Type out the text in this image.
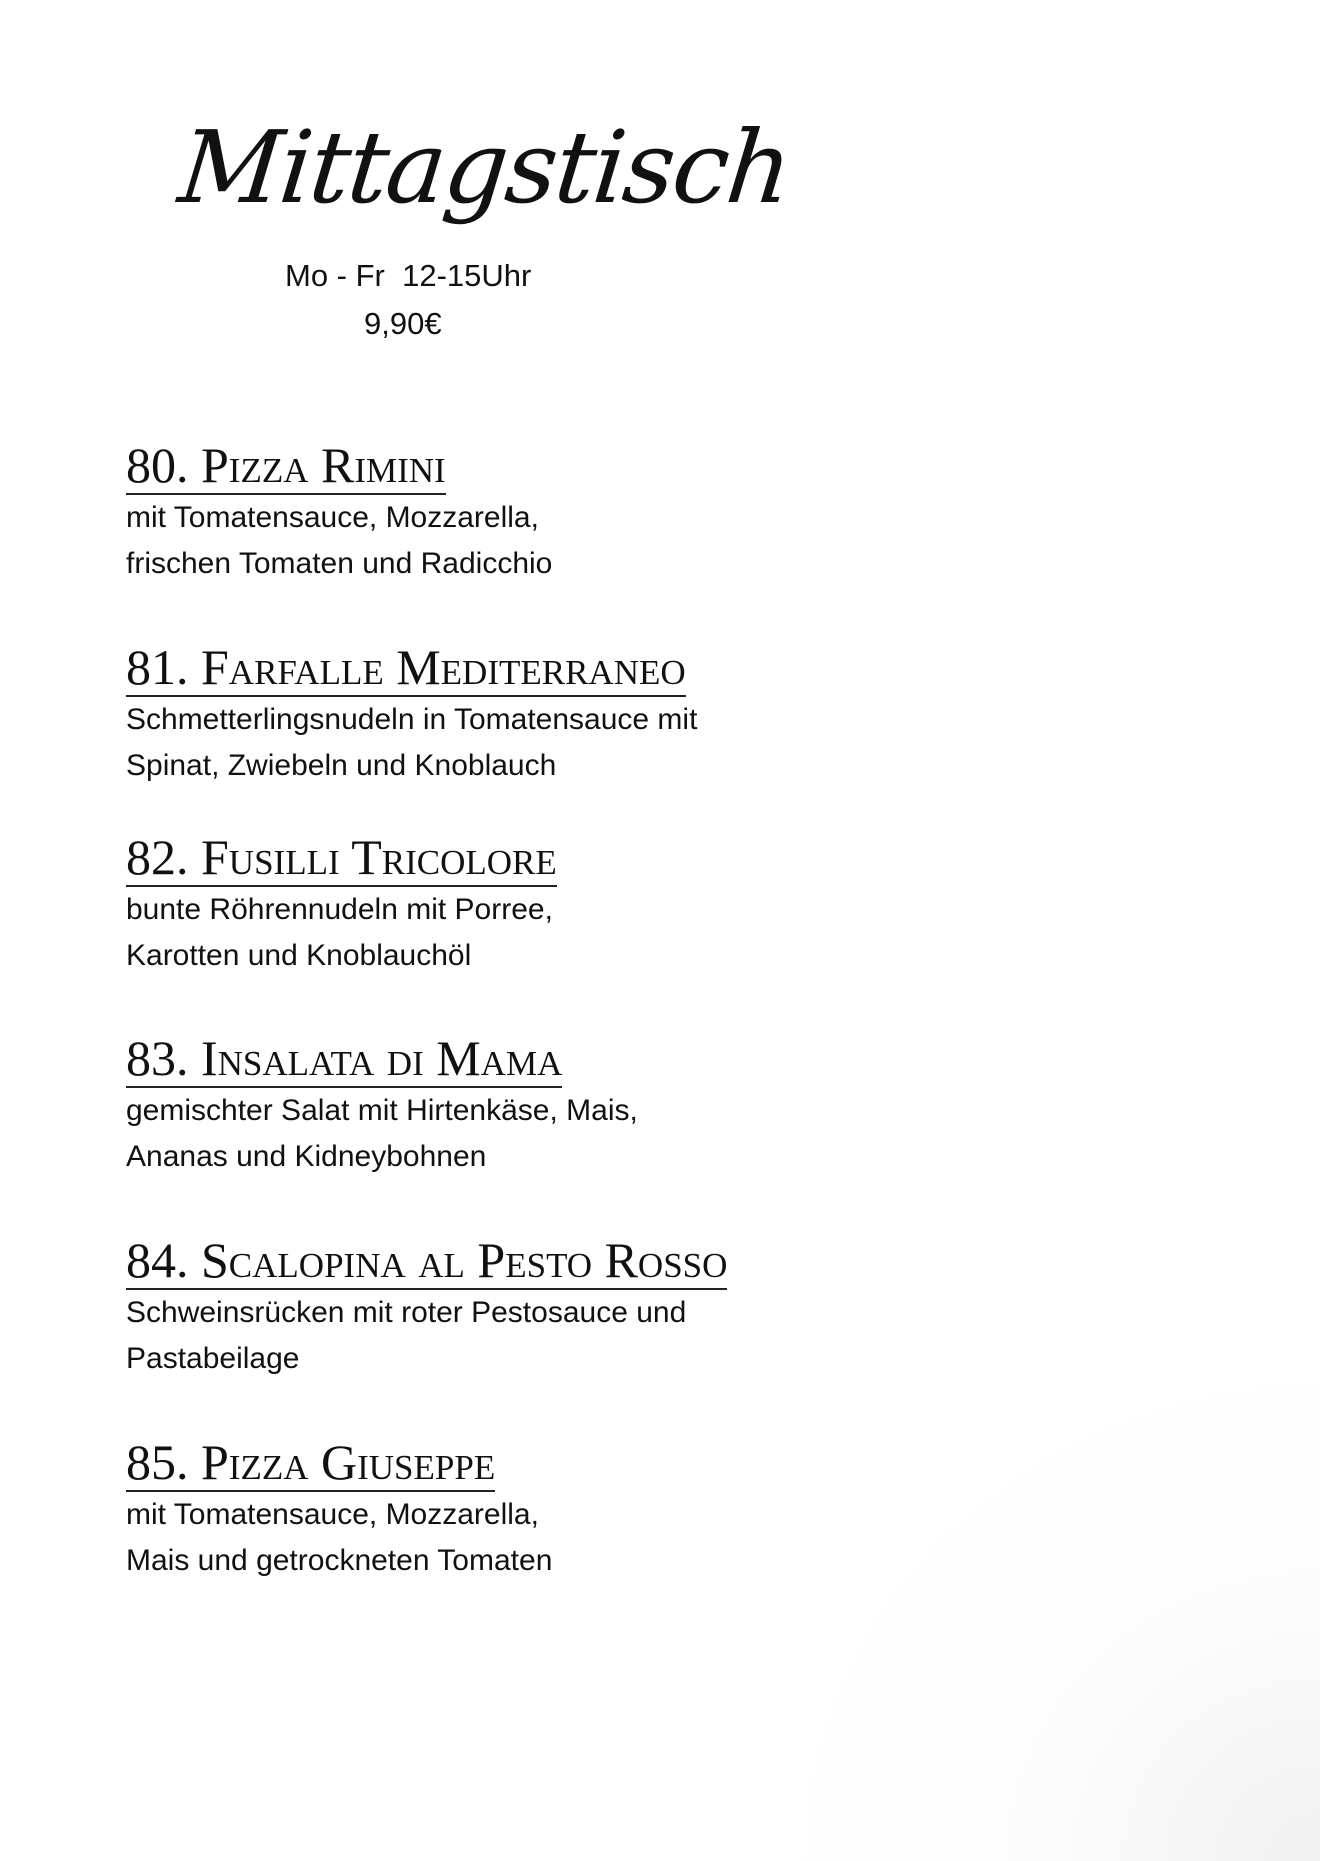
Mittagstisch
Mo - Fr  12-15Uhr
9,90€
80. Pizza Rimini
mit Tomatensauce, Mozzarella,
frischen Tomaten und Radicchio
81. Farfalle Mediterraneo
Schmetterlingsnudeln in Tomatensauce mit
Spinat, Zwiebeln und Knoblauch
82. Fusilli Tricolore
bunte Röhrennudeln mit Porree,
Karotten und Knoblauchöl
83. Insalata di Mama
gemischter Salat mit Hirtenkäse, Mais,
Ananas und Kidneybohnen
84. Scalopina al Pesto Rosso
Schweinsrücken mit roter Pestosauce und
Pastabeilage
85. Pizza Giuseppe
mit Tomatensauce, Mozzarella,
Mais und getrockneten Tomaten
